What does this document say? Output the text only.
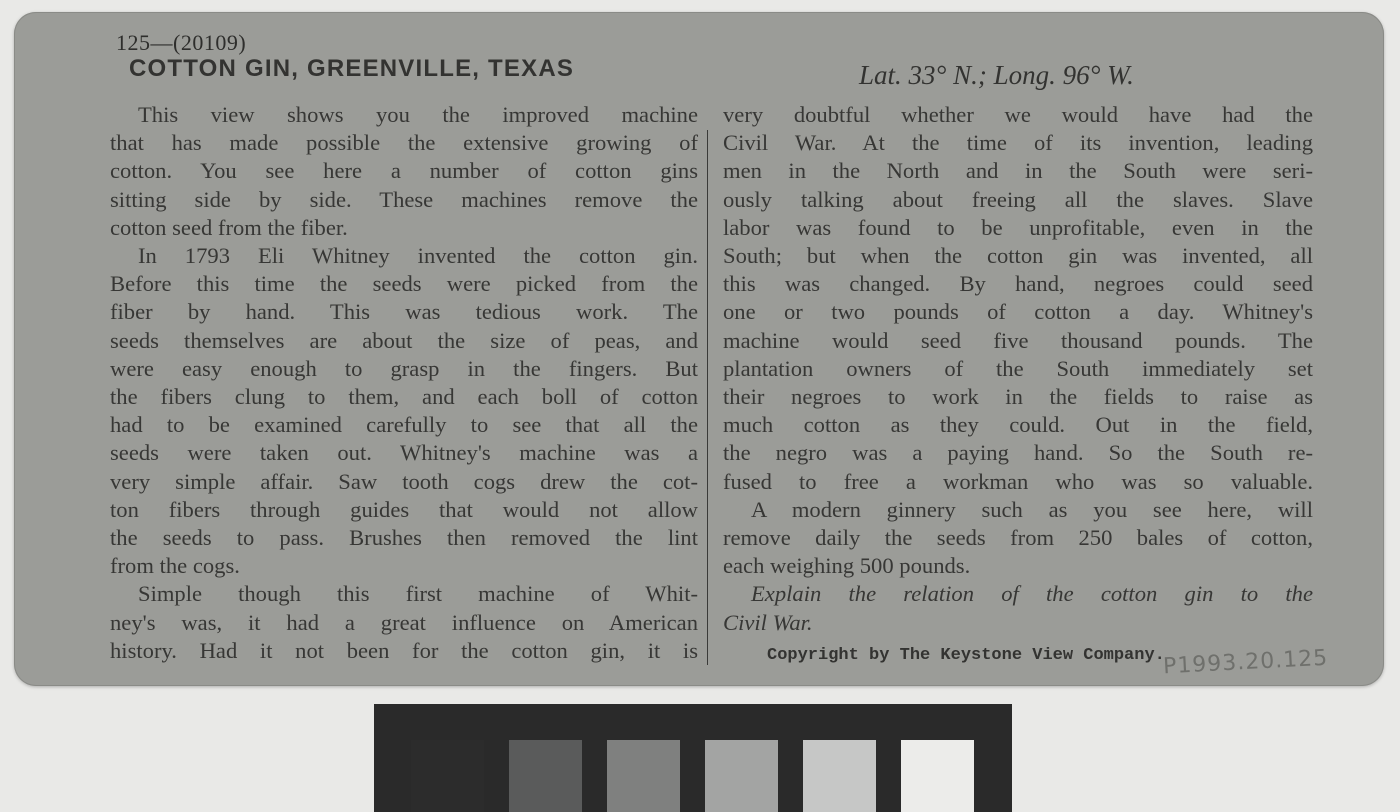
125—(20109)
COTTON GIN, GREENVILLE, TEXAS	Lat. 33° N.; Long. 96° W.
This view shows you the improved machine
that has made possible the extensive growing of
cotton. You see here a number of cotton gins
sitting side by side. These machines remove the
cotton seed from the fiber.
In 1793 Eli Whitney invented the cotton gin.
Before this time the seeds were picked from the
fiber by hand. This was tedious work. The
seeds themselves are about the size of peas, and
were easy enough to grasp in the fingers. But
the fibers clung to them, and each boll of cotton
had to be examined carefully to see that all the
seeds were taken out. Whitney's machine was a
very simple affair. Saw tooth cogs drew the cot-
ton fibers through guides that would not allow
the seeds to pass. Brushes then removed the lint
from the cogs.
Simple though this first machine of Whit-
ney's was, it had a great influence on American
history. Had it not been for the cotton gin, it is
very doubtful whether we would have had the
Civil War. At the time of its invention, leading
men in the North and in the South were seri-
ously talking about freeing all the slaves. Slave
labor was found to be unprofitable, even in the
South; but when the cotton gin was invented, all
this was changed. By hand, negroes could seed
one or two pounds of cotton a day. Whitney's
machine would seed five thousand pounds. The
plantation owners of the South immediately set
their negroes to work in the fields to raise as
much cotton as they could. Out in the field,
the negro was a paying hand. So the South re-
fused to free a workman who was so valuable.
A modern ginnery such as you see here, will
remove daily the seeds from 250 bales of cotton,
each weighing 500 pounds.
Explain the relation of the cotton gin to the
Civil War.
Copyright by The Keystone View Company.
P1993.20.125
